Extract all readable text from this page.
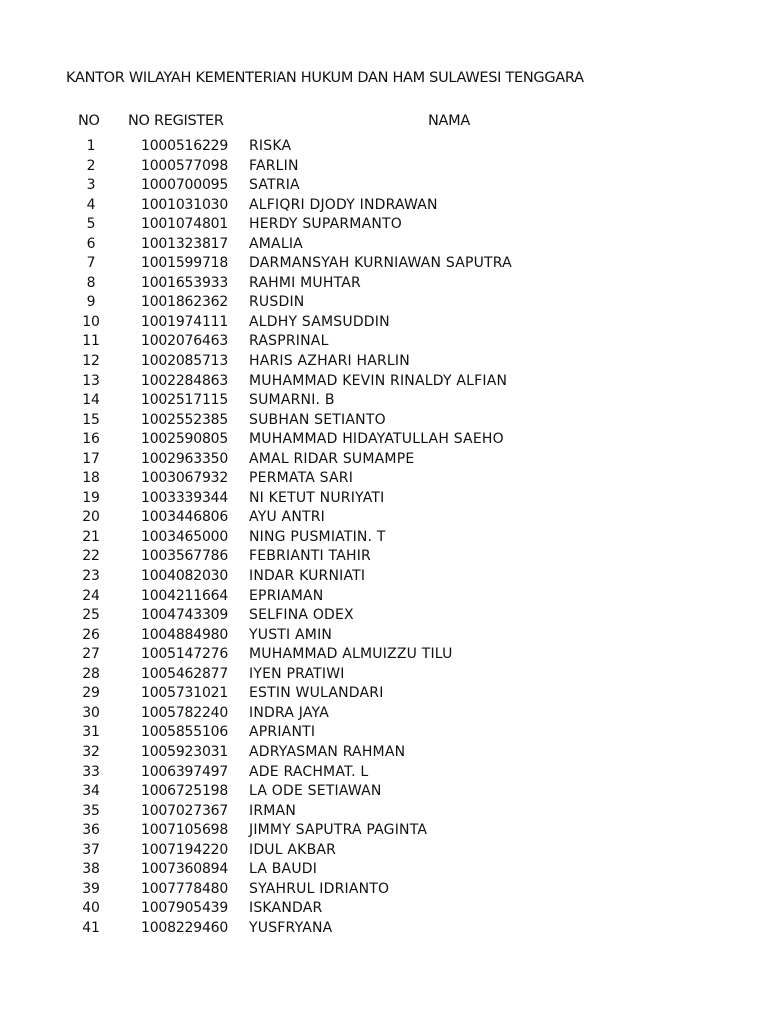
KANTOR WILAYAH KEMENTERIAN HUKUM DAN HAM SULAWESI TENGGARA
NO NO REGISTER	NAMA
1	1000516229 RISKA
2	1000577098 FARLIN
3	1000700095 SATRIA
4	1001031030 ALFIQRI DJODY INDRAWAN
5	1001074801 HERDY SUPARMANTO
6	1001323817 AMALIA
7	1001599718 DARMANSYAH KURNIAWAN SAPUTRA
8	1001653933 RAHMI MUHTAR
9	1001862362 RUSDIN
10	1001974111 ALDHY SAMSUDDIN
11	1002076463 RASPRINAL
12	1002085713 HARIS AZHARI HARLIN
13	1002284863 MUHAMMAD KEVIN RINALDY ALFIAN
14	1002517115 SUMARNI. B
15	1002552385 SUBHAN SETIANTO
16	1002590805 MUHAMMAD HIDAYATULLAH SAEHO
17	1002963350 AMAL RIDAR SUMAMPE
18	1003067932 PERMATA SARI
19	1003339344 NI KETUT NURIYATI
20	1003446806 AYU ANTRI
21	1003465000 NING PUSMIATIN. T
22	1003567786 FEBRIANTI TAHIR
23	1004082030 INDAR KURNIATI
24	1004211664 EPRIAMAN
25	1004743309 SELFINA ODEX
26	1004884980 YUSTI AMIN
27	1005147276 MUHAMMAD ALMUIZZU TILU
28	1005462877 IYEN PRATIWI
29	1005731021 ESTIN WULANDARI
30	1005782240 INDRA JAYA
31	1005855106 APRIANTI
32	1005923031 ADRYASMAN RAHMAN
33	1006397497 ADE RACHMAT. L
34	1006725198 LA ODE SETIAWAN
35	1007027367 IRMAN
36	1007105698 JIMMY SAPUTRA PAGINTA
37	1007194220 IDUL AKBAR
38	1007360894 LA BAUDI
39	1007778480 SYAHRUL IDRIANTO
40	1007905439 ISKANDAR
41	1008229460 YUSFRYANA
